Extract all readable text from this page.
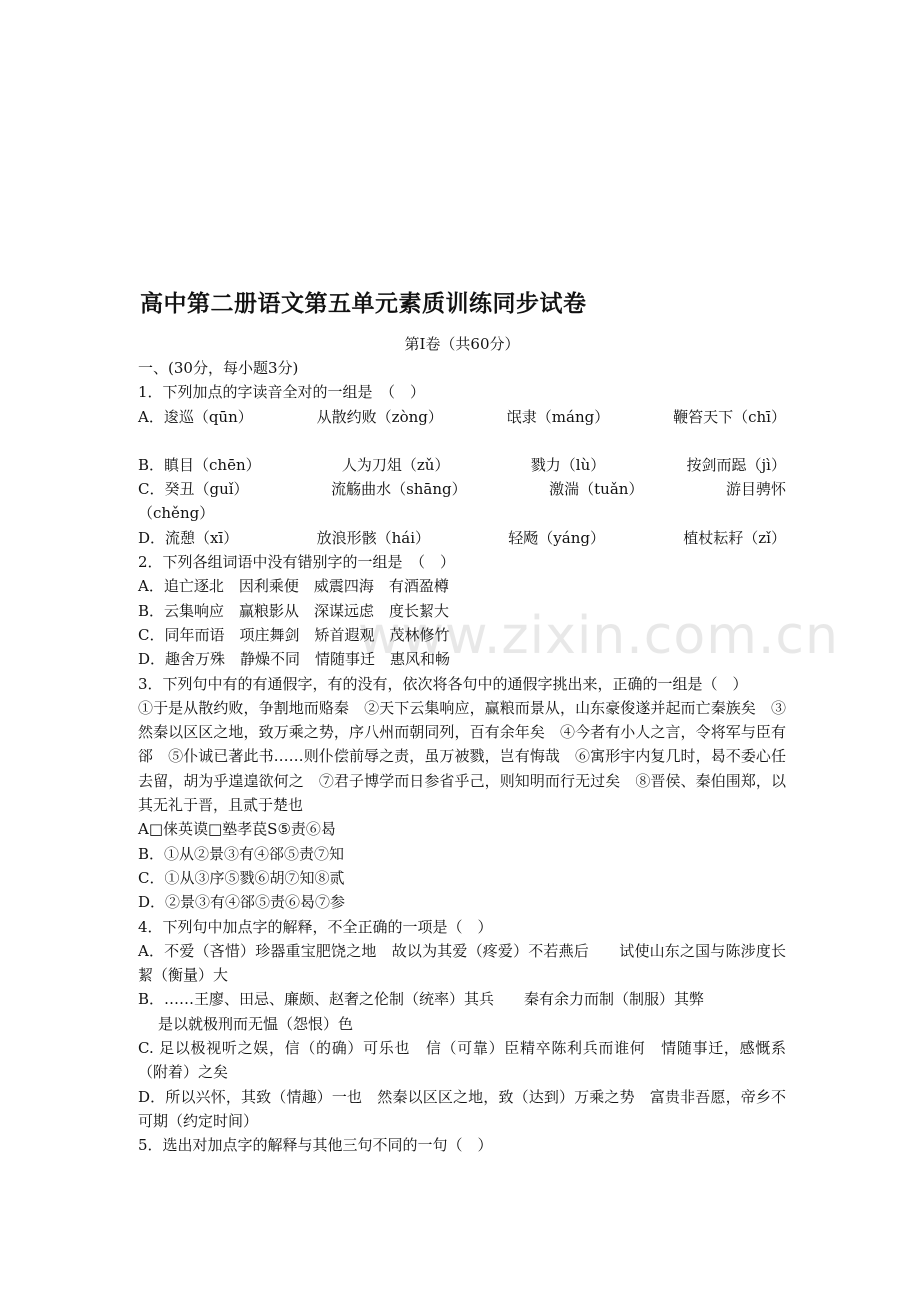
www.zixin.com.cn
高中第二册语文第五单元素质训练同步试卷
第Ⅰ卷（共60分）
一、(30分，每小题3分)
1．下列加点的字读音全对的一组是　（　）
A．逡巡（qūn）	从散约败（zòng）	氓隶（máng）	鞭笞天下（chī）
B．瞋目（chēn）	人为刀俎（zǔ）	戮力（lù）	按剑而跽（jì）
C．癸丑（guǐ）	流觞曲水（shāng）	激湍（tuǎn）	游目骋怀
（chěng）
D．流憩（xī）	放浪形骸（hái）	轻飏（yáng）	植杖耘耔（zǐ）
2．下列各组词语中没有错别字的一组是　（　）
A．追亡逐北　因利乘便　威震四海　有酒盈樽
B．云集响应　赢粮影从　深谋远虑　度长絜大
C．同年而语　项庄舞剑　矫首遐观　茂林修竹
D．趣舍万殊　静燥不同　情随事迁　惠风和畅
3．下列句中有的有通假字，有的没有，依次将各句中的通假字挑出来，正确的一组是（　）
①于是从散约败，争割地而赂秦　②天下云集响应，赢粮而景从，山东豪俊遂并起而亡秦族矣　③然秦以区区之地，致万乘之势，序八州而朝同列，百有余年矣　④今者有小人之言，令将军与臣有郤　⑤仆诚已著此书……则仆偿前辱之责，虽万被戮，岂有悔哉　⑥寓形宇内复几时，曷不委心任去留，胡为乎遑遑欲何之　⑦君子博学而日参省乎己，则知明而行无过矣　⑧晋侯、秦伯围郑，以其无礼于晋，且贰于楚也
A□俫英谟□塾孝苠S⑤责⑥曷
B．①从②景③有④郤⑤责⑦知
C．①从③序⑤戮⑥胡⑦知⑧贰
D．②景③有④郤⑤责⑥曷⑦参
4．下列句中加点字的解释，不全正确的一项是（　）
A．不爱（吝惜）珍器重宝肥饶之地　故以为其爱（疼爱）不若燕后　　试使山东之国与陈涉度长絜（衡量）大
B．……王廖、田忌、廉颇、赵奢之伦制（统率）其兵　　秦有余力而制（制服）其弊
是以就极刑而无愠（怨恨）色
C. 足以极视听之娱，信（的确）可乐也　信（可靠）臣精卒陈利兵而谁何　情随事迁，感慨系（附着）之矣
D．所以兴怀，其致（情趣）一也　然秦以区区之地，致（达到）万乘之势　富贵非吾愿，帝乡不可期（约定时间）
5．选出对加点字的解释与其他三句不同的一句（　）
